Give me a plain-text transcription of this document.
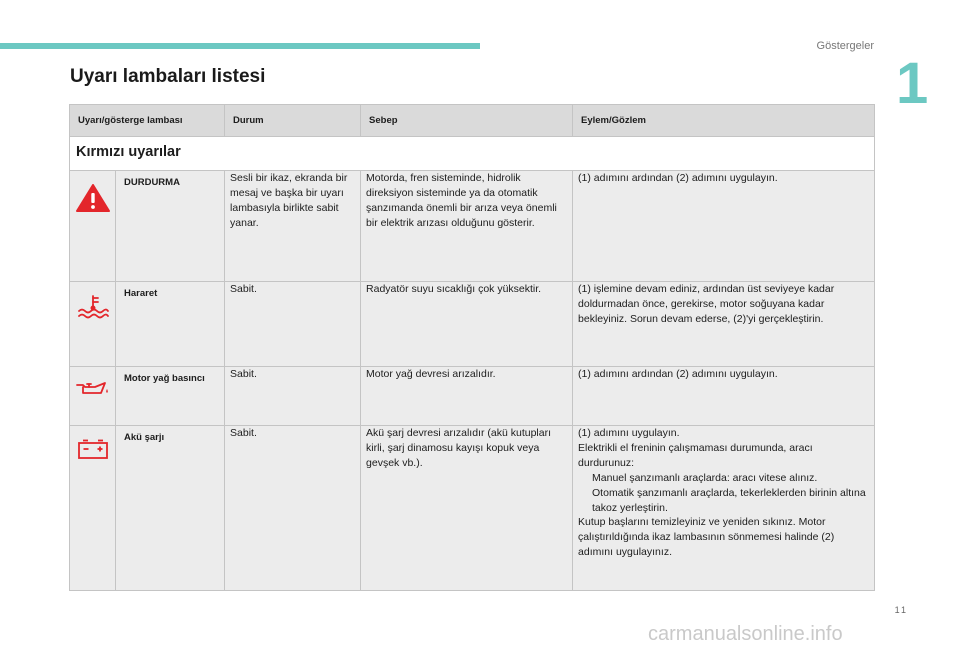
Göstergeler
1
Uyarı lambaları listesi
Uyarı/gösterge lambası		Durum	Sebep	Eylem/Gözlem
Kırmızı uyarılar				
	DURDURMA	Sesli bir ikaz, ekranda bir mesaj ve başka bir uyarı lambasıyla birlikte sabit yanar.	Motorda, fren sisteminde, hidrolik direksiyon sisteminde ya da otomatik şanzımanda önemli bir arıza veya önemli bir elektrik arızası olduğunu gösterir.	(1) adımını ardından (2) adımını uygulayın.

	Hararet	Sabit.	Radyatör suyu sıcaklığı çok yüksektir.	(1) işlemine devam ediniz, ardından üst seviyeye kadar doldurmadan önce, gerekirse, motor soğuyana kadar bekleyiniz. Sorun devam ederse, (2)'yi gerçekleştirin.

	Motor yağ basıncı	Sabit.	Motor yağ devresi arızalıdır.	(1) adımını ardından (2) adımını uygulayın.

	Akü şarjı	Sabit.	Akü şarj devresi arızalıdır (akü kutupları kirli, şarj dinamosu kayışı kopuk veya gevşek vb.).	(1) adımını uygulayın.
Elektrikli el freninin çalışmaması durumunda, aracı durdurunuz:
Manuel şanzımanlı araçlarda: aracı vitese alınız.
Otomatik şanzımanlı araçlarda, tekerleklerden birinin altına takoz yerleştirin.
Kutup başlarını temizleyiniz ve yeniden sıkınız. Motor çalıştırıldığında ikaz lambasının sönmemesi halinde (2) adımını uygulayınız.
11
carmanualsonline.info
